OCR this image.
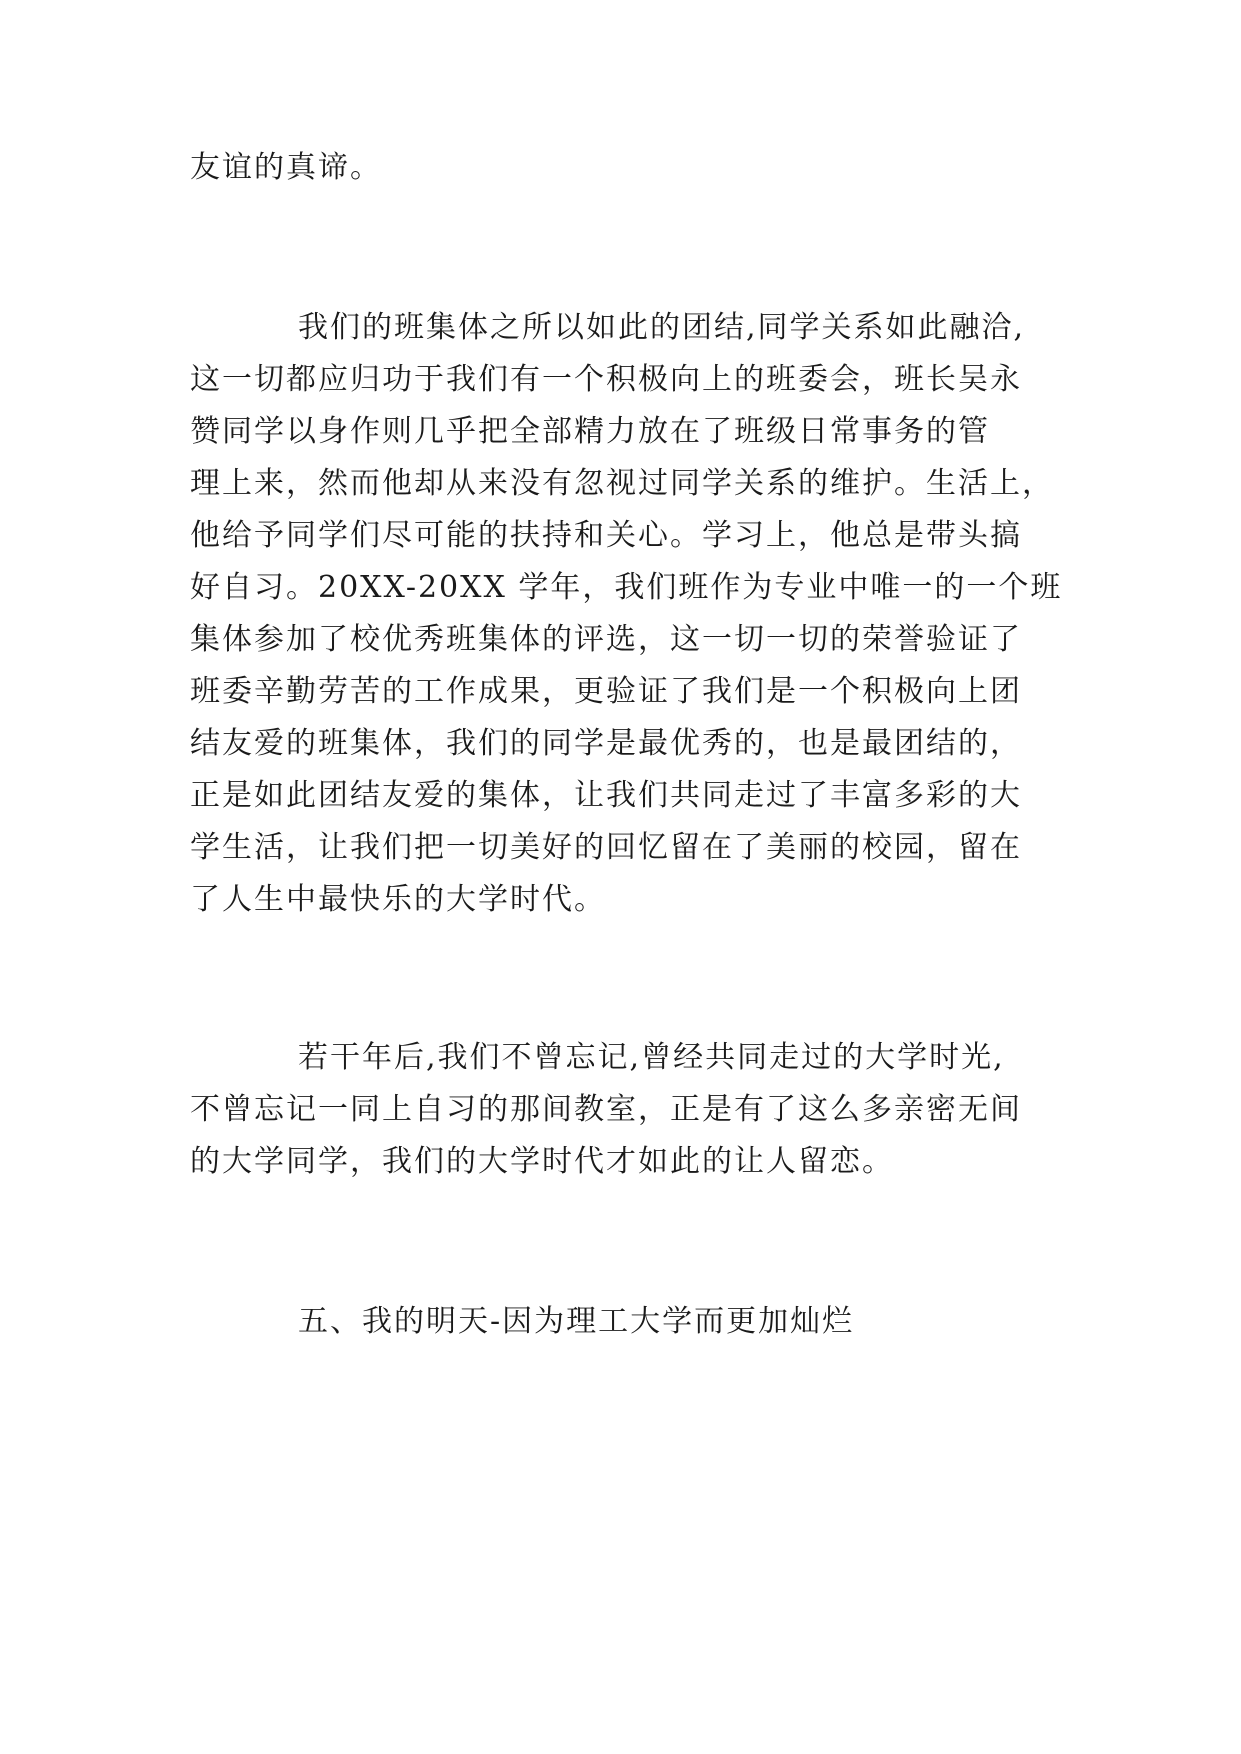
友谊的真谛。
我们的班集体之所以如此的团结,同学关系如此融洽,
这一切都应归功于我们有一个积极向上的班委会，班长吴永
赞同学以身作则几乎把全部精力放在了班级日常事务的管
理上来，然而他却从来没有忽视过同学关系的维护。生活上，
他给予同学们尽可能的扶持和关心。学习上，他总是带头搞
好自习。20XX-20XX 学年，我们班作为专业中唯一的一个班
集体参加了校优秀班集体的评选，这一切一切的荣誉验证了
班委辛勤劳苦的工作成果，更验证了我们是一个积极向上团
结友爱的班集体，我们的同学是最优秀的，也是最团结的，
正是如此团结友爱的集体，让我们共同走过了丰富多彩的大
学生活，让我们把一切美好的回忆留在了美丽的校园，留在
了人生中最快乐的大学时代。
若干年后,我们不曾忘记,曾经共同走过的大学时光,
不曾忘记一同上自习的那间教室，正是有了这么多亲密无间
的大学同学，我们的大学时代才如此的让人留恋。
五、我的明天-因为理工大学而更加灿烂
